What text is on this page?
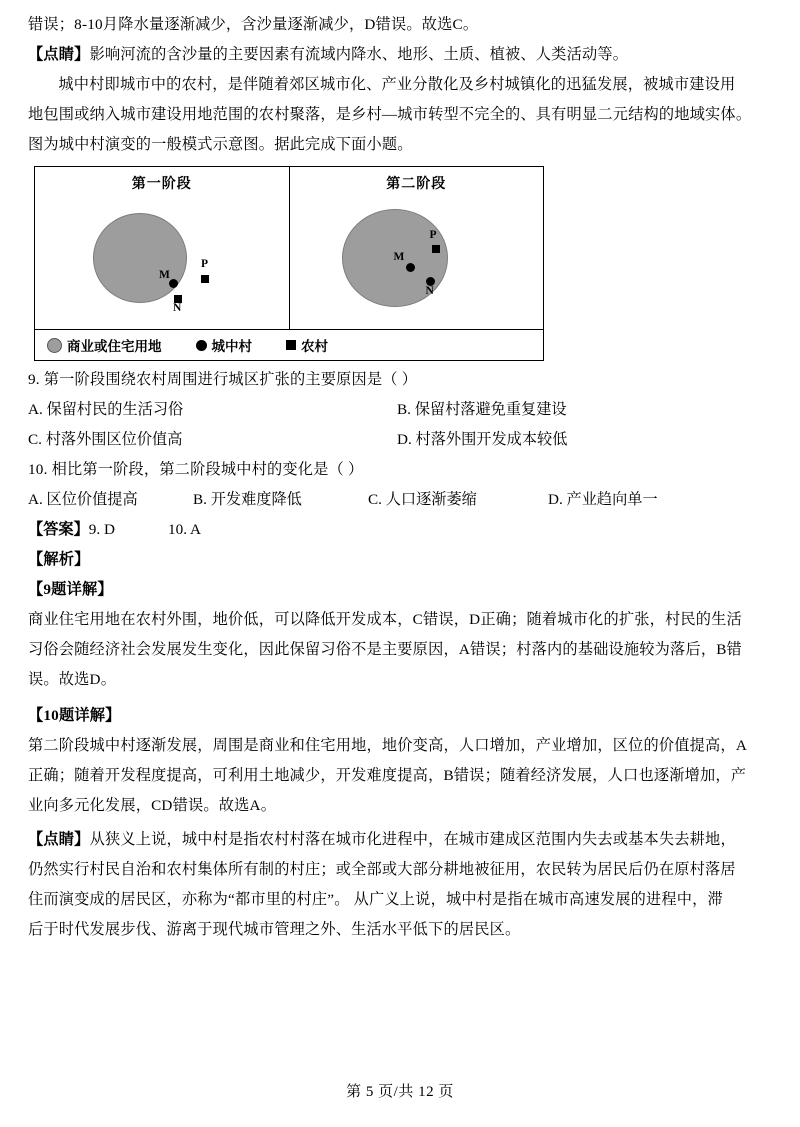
错误；8-10月降水量逐渐减少，含沙量逐渐减少，D错误。故选C。

【点睛】影响河流的含沙量的主要因素有流域内降水、地形、土质、植被、人类活动等。

城中村即城市中的农村，是伴随着郊区城市化、产业分散化及乡村城镇化的迅猛发展，被城市建设用

地包围或纳入城市建设用地范围的农村聚落，是乡村—城市转型不完全的、具有明显二元结构的地域实体。

图为城中村演变的一般模式示意图。据此完成下面小题。

第一阶段
M
P
N
第二阶段
M
P
N
商业或住宅用地	城中村	农村

9. 第一阶段围绕农村周围进行城区扩张的主要原因是（ ）

A. 保留村民的生活习俗	B. 保留村落避免重复建设
C. 村落外围区位价值高	D. 村落外围开发成本较低

10. 相比第一阶段，第二阶段城中村的变化是（ ）

A. 区位价值提高	B. 开发难度降低	C. 人口逐渐萎缩	D. 产业趋向单一
【答案】9. D	10. A

【解析】

【9题详解】

商业住宅用地在农村外围，地价低，可以降低开发成本，C错误，D正确；随着城市化的扩张，村民的生活

习俗会随经济社会发展发生变化，因此保留习俗不是主要原因，A错误；村落内的基础设施较为落后，B错

误。故选D。

【10题详解】

第二阶段城中村逐渐发展，周围是商业和住宅用地，地价变高，人口增加，产业增加，区位的价值提高，A

正确；随着开发程度提高，可利用土地减少，开发难度提高，B错误；随着经济发展，人口也逐渐增加，产

业向多元化发展，CD错误。故选A。

【点睛】从狭义上说，城中村是指农村村落在城市化进程中，在城市建成区范围内失去或基本失去耕地，

仍然实行村民自治和农村集体所有制的村庄；或全部或大部分耕地被征用，农民转为居民后仍在原村落居

住而演变成的居民区，亦称为“都市里的村庄”。 从广义上说，城中村是指在城市高速发展的进程中，滞

后于时代发展步伐、游离于现代城市管理之外、生活水平低下的居民区。

第 5 页/共 12 页
